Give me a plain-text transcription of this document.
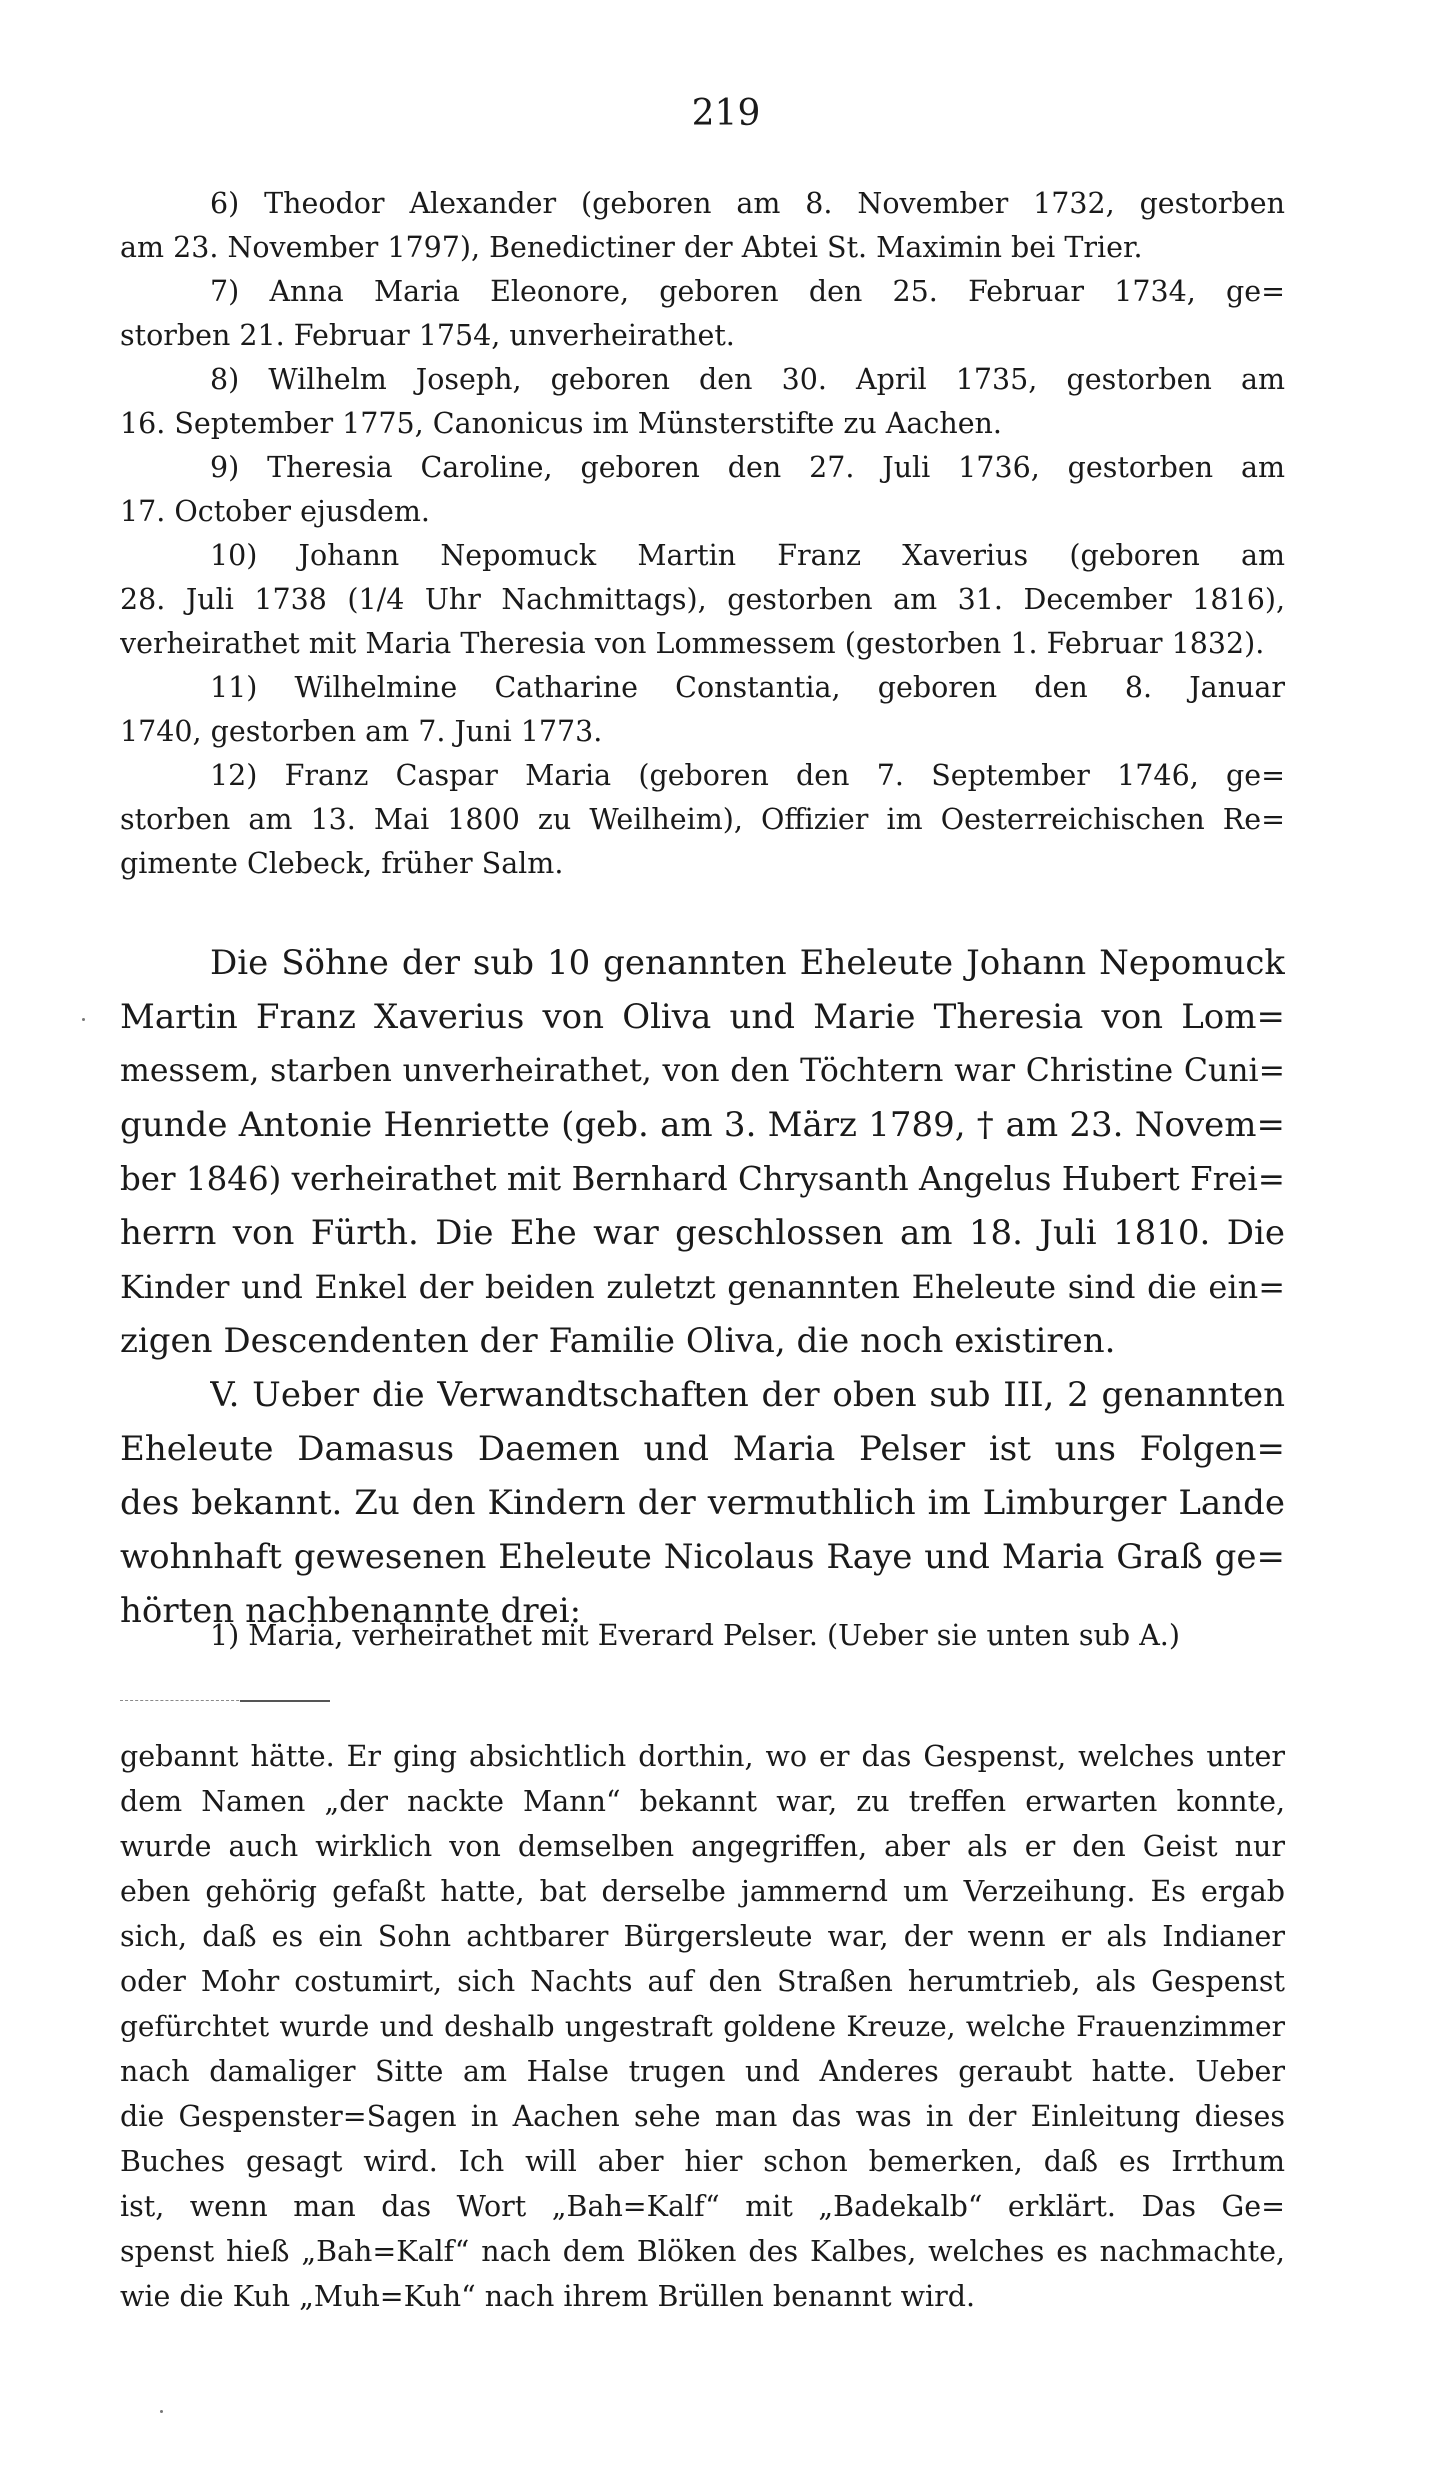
219
6) Theodor Alexander (geboren am 8. November 1732, gestorben
am 23. November 1797), Benedictiner der Abtei St. Maximin bei Trier.
7) Anna Maria Eleonore, geboren den 25. Februar 1734, ge=
storben 21. Februar 1754, unverheirathet.
8) Wilhelm Joseph, geboren den 30. April 1735, gestorben am
16. September 1775, Canonicus im Münsterstifte zu Aachen.
9) Theresia Caroline, geboren den 27. Juli 1736, gestorben am
17. October ejusdem.
10) Johann Nepomuck Martin Franz Xaverius (geboren am
28. Juli 1738 (1/4 Uhr Nachmittags), gestorben am 31. December 1816),
verheirathet mit Maria Theresia von Lommessem (gestorben 1. Februar 1832).
11) Wilhelmine Catharine Constantia, geboren den 8. Januar
1740, gestorben am 7. Juni 1773.
12) Franz Caspar Maria (geboren den 7. September 1746, ge=
storben am 13. Mai 1800 zu Weilheim), Offizier im Oesterreichischen Re=
gimente Clebeck, früher Salm.
Die Söhne der sub 10 genannten Eheleute Johann Nepomuck
Martin Franz Xaverius von Oliva und Marie Theresia von Lom=
messem, starben unverheirathet, von den Töchtern war Christine Cuni=
gunde Antonie Henriette (geb. am 3. März 1789, † am 23. Novem=
ber 1846) verheirathet mit Bernhard Chrysanth Angelus Hubert Frei=
herrn von Fürth. Die Ehe war geschlossen am 18. Juli 1810. Die
Kinder und Enkel der beiden zuletzt genannten Eheleute sind die ein=
zigen Descendenten der Familie Oliva, die noch existiren.
V. Ueber die Verwandtschaften der oben sub III, 2 genannten
Eheleute Damasus Daemen und Maria Pelser ist uns Folgen=
des bekannt. Zu den Kindern der vermuthlich im Limburger Lande
wohnhaft gewesenen Eheleute Nicolaus Raye und Maria Graß ge=
hörten nachbenannte drei:
1) Maria, verheirathet mit Everard Pelser. (Ueber sie unten sub A.)
gebannt hätte. Er ging absichtlich dorthin, wo er das Gespenst, welches unter
dem Namen „der nackte Mann“ bekannt war, zu treffen erwarten konnte,
wurde auch wirklich von demselben angegriffen, aber als er den Geist nur
eben gehörig gefaßt hatte, bat derselbe jammernd um Verzeihung. Es ergab
sich, daß es ein Sohn achtbarer Bürgersleute war, der wenn er als Indianer
oder Mohr costumirt, sich Nachts auf den Straßen herumtrieb, als Gespenst
gefürchtet wurde und deshalb ungestraft goldene Kreuze, welche Frauenzimmer
nach damaliger Sitte am Halse trugen und Anderes geraubt hatte. Ueber
die Gespenster=Sagen in Aachen sehe man das was in der Einleitung dieses
Buches gesagt wird. Ich will aber hier schon bemerken, daß es Irrthum
ist, wenn man das Wort „Bah=Kalf“ mit „Badekalb“ erklärt. Das Ge=
spenst hieß „Bah=Kalf“ nach dem Blöken des Kalbes, welches es nachmachte,
wie die Kuh „Muh=Kuh“ nach ihrem Brüllen benannt wird.
